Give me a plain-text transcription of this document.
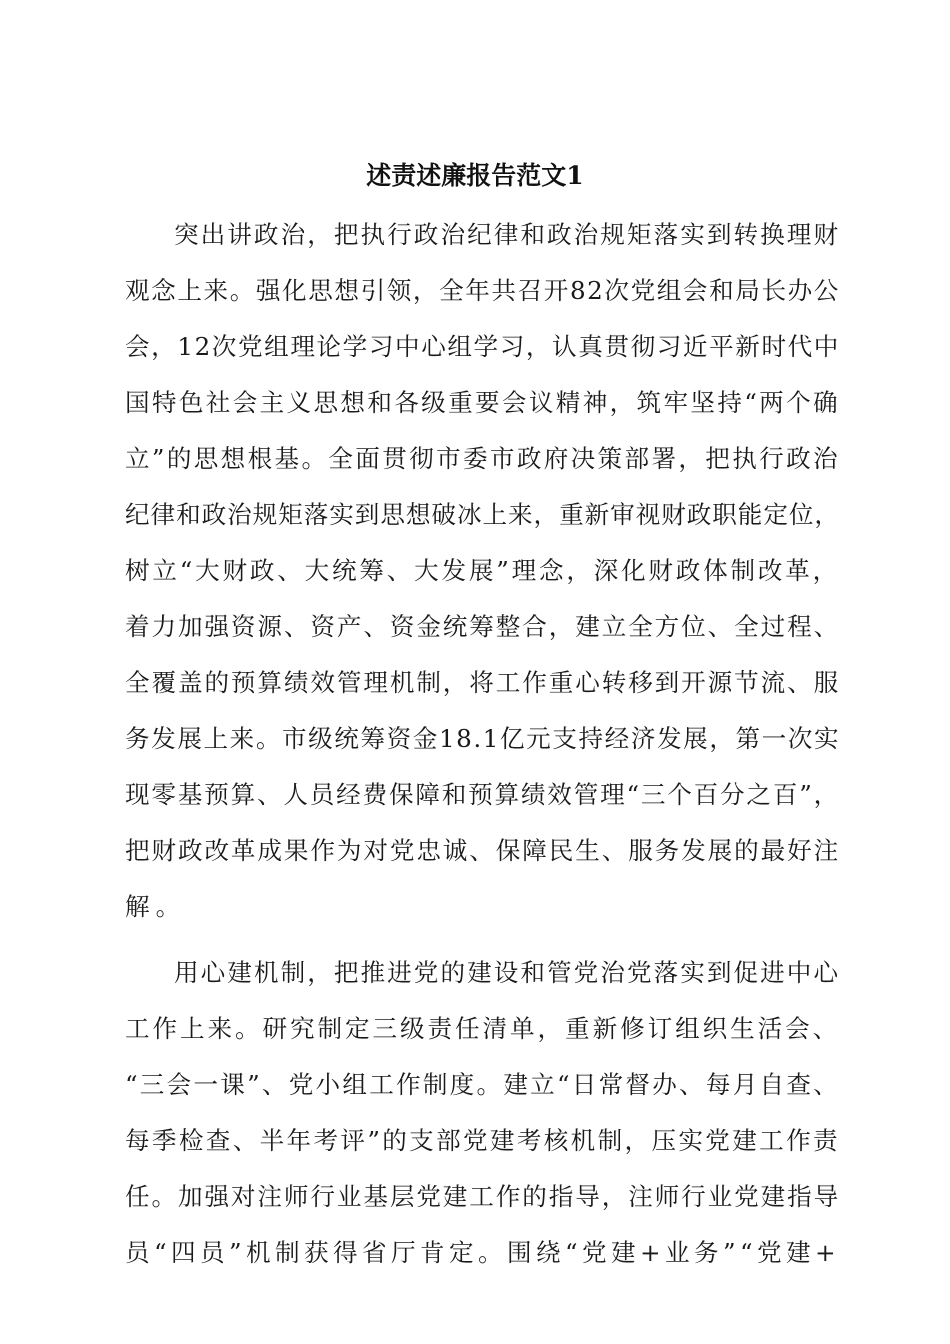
述责述廉报告范文1
突出讲政治，把执行政治纪律和政治规矩落实到转换理财
观念上来。强化思想引领，全年共召开82次党组会和局长办公
会，12次党组理论学习中心组学习，认真贯彻习近平新时代中
国特色社会主义思想和各级重要会议精神，筑牢坚持“两个确
立”的思想根基。全面贯彻市委市政府决策部署，把执行政治
纪律和政治规矩落实到思想破冰上来，重新审视财政职能定位，
树立“大财政、大统筹、大发展”理念，深化财政体制改革，
着力加强资源、资产、资金统筹整合，建立全方位、全过程、
全覆盖的预算绩效管理机制，将工作重心转移到开源节流、服
务发展上来。市级统筹资金18.1亿元支持经济发展，第一次实
现零基预算、人员经费保障和预算绩效管理“三个百分之百”，
把财政改革成果作为对党忠诚、保障民生、服务发展的最好注
解。
用心建机制，把推进党的建设和管党治党落实到促进中心
工作上来。研究制定三级责任清单，重新修订组织生活会、
“三会一课”、党小组工作制度。建立“日常督办、每月自查、
每季检查、半年考评”的支部党建考核机制，压实党建工作责
任。加强对注师行业基层党建工作的指导，注师行业党建指导
员“四员”机制获得省厅肯定。围绕“党建+业务”“党建+
